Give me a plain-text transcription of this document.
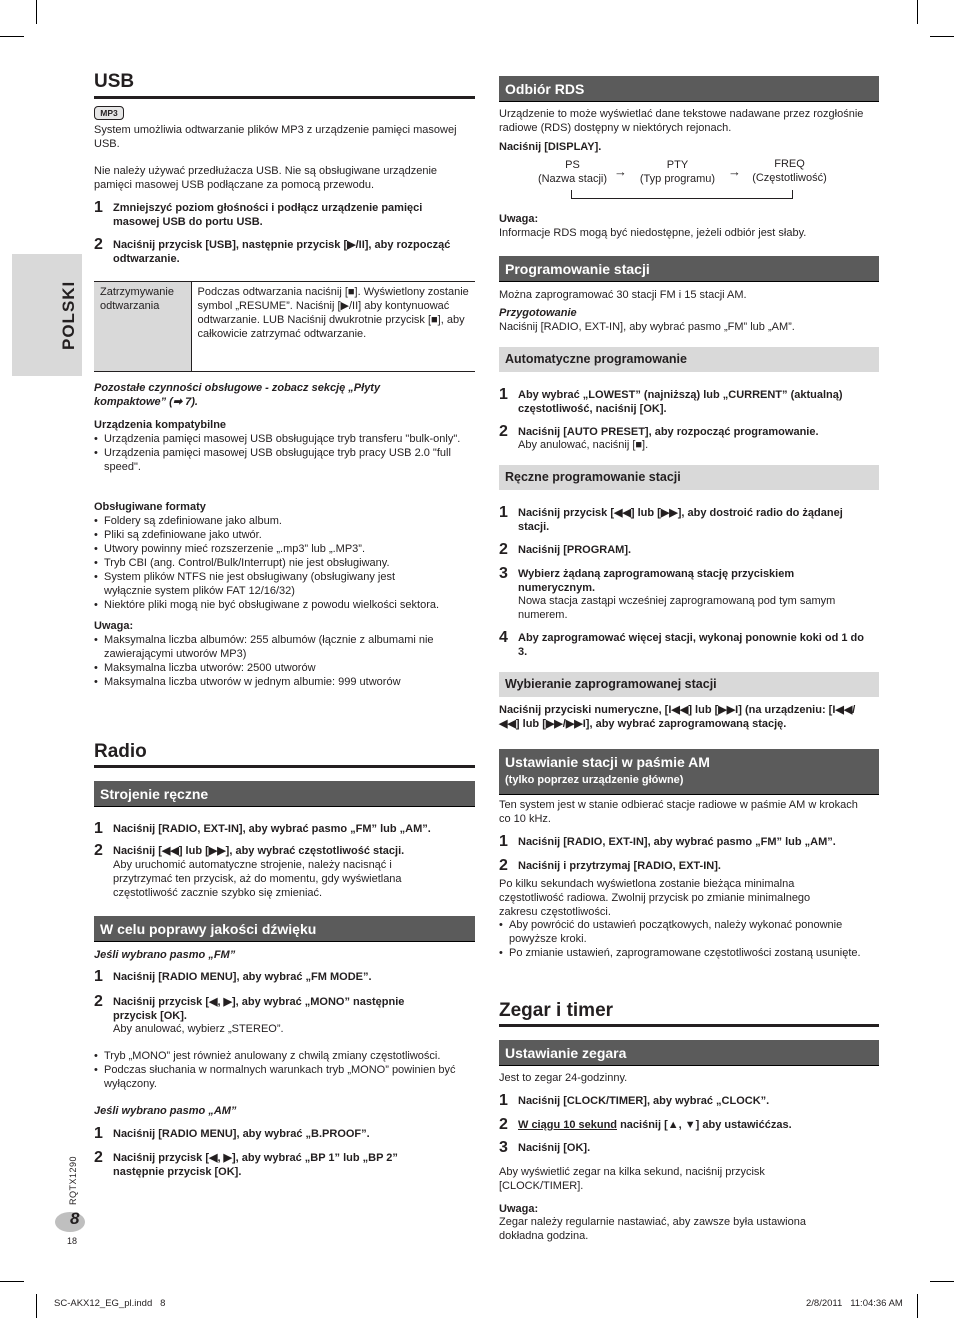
POLSKI
USB
MP3

System umożliwia odtwarzanie plików MP3 z urządzenie pamięci masowej USB.

Nie należy używać przedłużacza USB. Nie są obsługiwane urządzenie pamięci masowej USB podłączane za pomocą przewodu.

1 Zmniejszyć poziom głośności i podłącz urządzenie pamięci masowej USB do portu USB.
2 Naciśnij przycisk [USB], następnie przycisk [▶/II], aby rozpocząć odtwarzanie.
Zatrzymywanie odtwarzania	Podczas odtwarzania naciśnij [■]. Wyświetlony zostanie symbol „RESUME”. Naciśnij [▶/II] aby kontynuować odtwarzanie. LUB Naciśnij dwukrotnie przycisk [■], aby całkowicie zatrzymać odtwarzanie.

Pozostałe czynności obsługowe - zobacz sekcję „Płyty kompaktowe” (➡ 7).

Urządzenia kompatybilne

• Urządzenia pamięci masowej USB obsługujące tryb transferu "bulk-only".
• Urządzenia pamięci masowej USB obsługujące tryb pracy USB 2.0 "full speed".

Obsługiwane formaty

• Foldery są zdefiniowane jako album.
• Pliki są zdefiniowane jako utwór.
• Utwory powinny mieć rozszerzenie „.mp3” lub „.MP3”.
• Tryb CBI (ang. Control/Bulk/Interrupt) nie jest obsługiwany.
• System plików NTFS nie jest obsługiwany (obsługiwany jest wyłącznie system plików FAT 12/16/32)
• Niektóre pliki mogą nie być obsługiwane z powodu wielkości sektora.

Uwaga:

• Maksymalna liczba albumów: 255 albumów (łącznie z albumami nie zawierającymi utworów MP3)
• Maksymalna liczba utworów: 2500 utworów
• Maksymalna liczba utworów w jednym albumie: 999 utworów
Radio
Strojenie ręczne
1 Naciśnij [RADIO, EXT-IN], aby wybrać pasmo „FM” lub „AM”.
2 Naciśnij [◀◀] lub [▶▶], aby wybrać częstotliwość stacji.

Aby uruchomić automatyczne strojenie, należy nacisnąć i przytrzymać ten przycisk, aż do momentu, gdy wyświetlana częstotliwość zacznie szybko się zmieniać.

W celu poprawy jakości dźwięku

Jeśli wybrano pasmo „FM”

1 Naciśnij [RADIO MENU], aby wybrać „FM MODE”.
2 Naciśnij przycisk [◀, ▶], aby wybrać „MONO” następnie przycisk [OK].

Aby anulować, wybierz „STEREO”.

• Tryb „MONO” jest również anulowany z chwilą zmiany częstotliwości.
• Podczas słuchania w normalnych warunkach tryb „MONO” powinien być wyłączony.

Jeśli wybrano pasmo „AM”

1 Naciśnij [RADIO MENU], aby wybrać „B.PROOF”.
2 Naciśnij przycisk [◀, ▶], aby wybrać „BP 1” lub „BP 2” następnie przycisk [OK].
Odbiór RDS

Urządzenie to może wyświetlać dane tekstowe nadawane przez rozgłośnie radiowe (RDS) dostępny w niektórych rejonach.

Naciśnij [DISPLAY].

PS
(Nazwa stacji) →	PTY
(Typ programu) →	FREQ
(Częstotliwość)

Uwaga:

Informacje RDS mogą być niedostępne, jeżeli odbiór jest słaby.

Programowanie stacji

Można zaprogramować 30 stacji FM i 15 stacji AM.

Przygotowanie

Naciśnij [RADIO, EXT-IN], aby wybrać pasmo „FM” lub „AM”.

Automatyczne programowanie
1 Aby wybrać „LOWEST” (najniższą) lub „CURRENT” (aktualną) częstotliwość, naciśnij [OK].
2 Naciśnij [AUTO PRESET], aby rozpocząć programowanie.

Aby anulować, naciśnij [■].

Ręczne programowanie stacji
1 Naciśnij przycisk [◀◀] lub [▶▶], aby dostroić radio do żądanej stacji.
2 Naciśnij [PROGRAM].
3 Wybierz żądaną zaprogramowaną stację przyciskiem numerycznym.

Nowa stacja zastąpi wcześniej zaprogramowaną pod tym samym numerem.

4 Aby zaprogramować więcej stacji, wykonaj ponownie koki od 1 do 3.
Wybieranie zaprogramowanej stacji

Naciśnij przyciski numeryczne, [I◀◀] lub [▶▶I] (na urządzeniu: [I◀◀/◀◀] lub [▶▶/▶▶I], aby wybrać zaprogramowaną stację.

Ustawianie stacji w paśmie AM
(tylko poprzez urządzenie główne)

Ten system jest w stanie odbierać stacje radiowe w paśmie AM w krokach co 10 kHz.

1 Naciśnij [RADIO, EXT-IN], aby wybrać pasmo „FM” lub „AM”.
2 Naciśnij i przytrzymaj [RADIO, EXT-IN].

Po kilku sekundach wyświetlona zostanie bieżąca minimalna częstotliwość radiowa. Zwolnij przycisk po zmianie minimalnego zakresu częstotliwości.

• Aby powrócić do ustawień początkowych, należy wykonać ponownie powyższe kroki.
• Po zmianie ustawień, zaprogramowane częstotliwości zostaną usunięte.
Zegar i timer
Ustawianie zegara

Jest to zegar 24-godzinny.

1 Naciśnij [CLOCK/TIMER], aby wybrać „CLOCK”.
2 W ciągu 10 sekund naciśnij [▲, ▼] aby ustawiććzas.
3 Naciśnij [OK].

Aby wyświetlić zegar na kilka sekund, naciśnij przycisk [CLOCK/TIMER].

Uwaga:

Zegar należy regularnie nastawiać, aby zawsze była ustawiona dokładna godzina.

RQTX1290
8
18
SC-AKX12_EG_pl.indd   8	2/8/2011   11:04:36 AM
